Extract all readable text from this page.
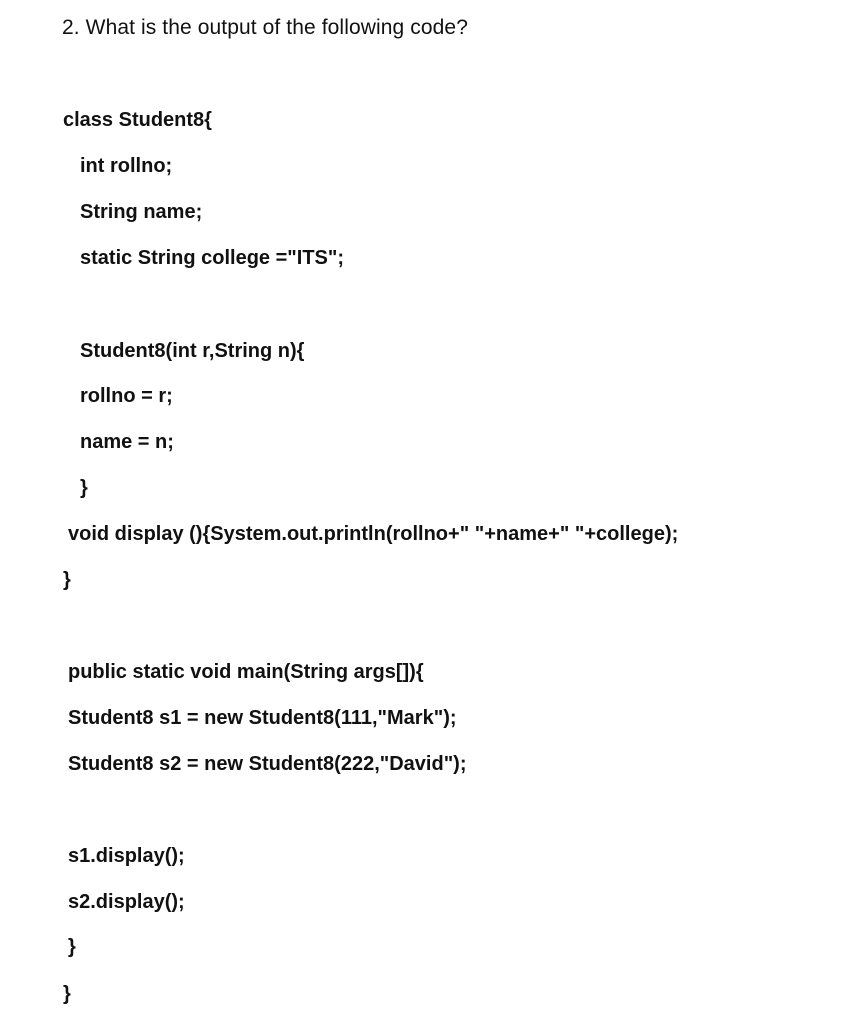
2. What is the output of the following code?
class Student8{
int rollno;
String name;
static String college ="ITS";
Student8(int r,String n){
rollno = r;
name = n;
}
void display (){System.out.println(rollno+" "+name+" "+college);
}
public static void main(String args[]){
Student8 s1 = new Student8(111,"Mark");
Student8 s2 = new Student8(222,"David");
s1.display();
s2.display();
}
}
